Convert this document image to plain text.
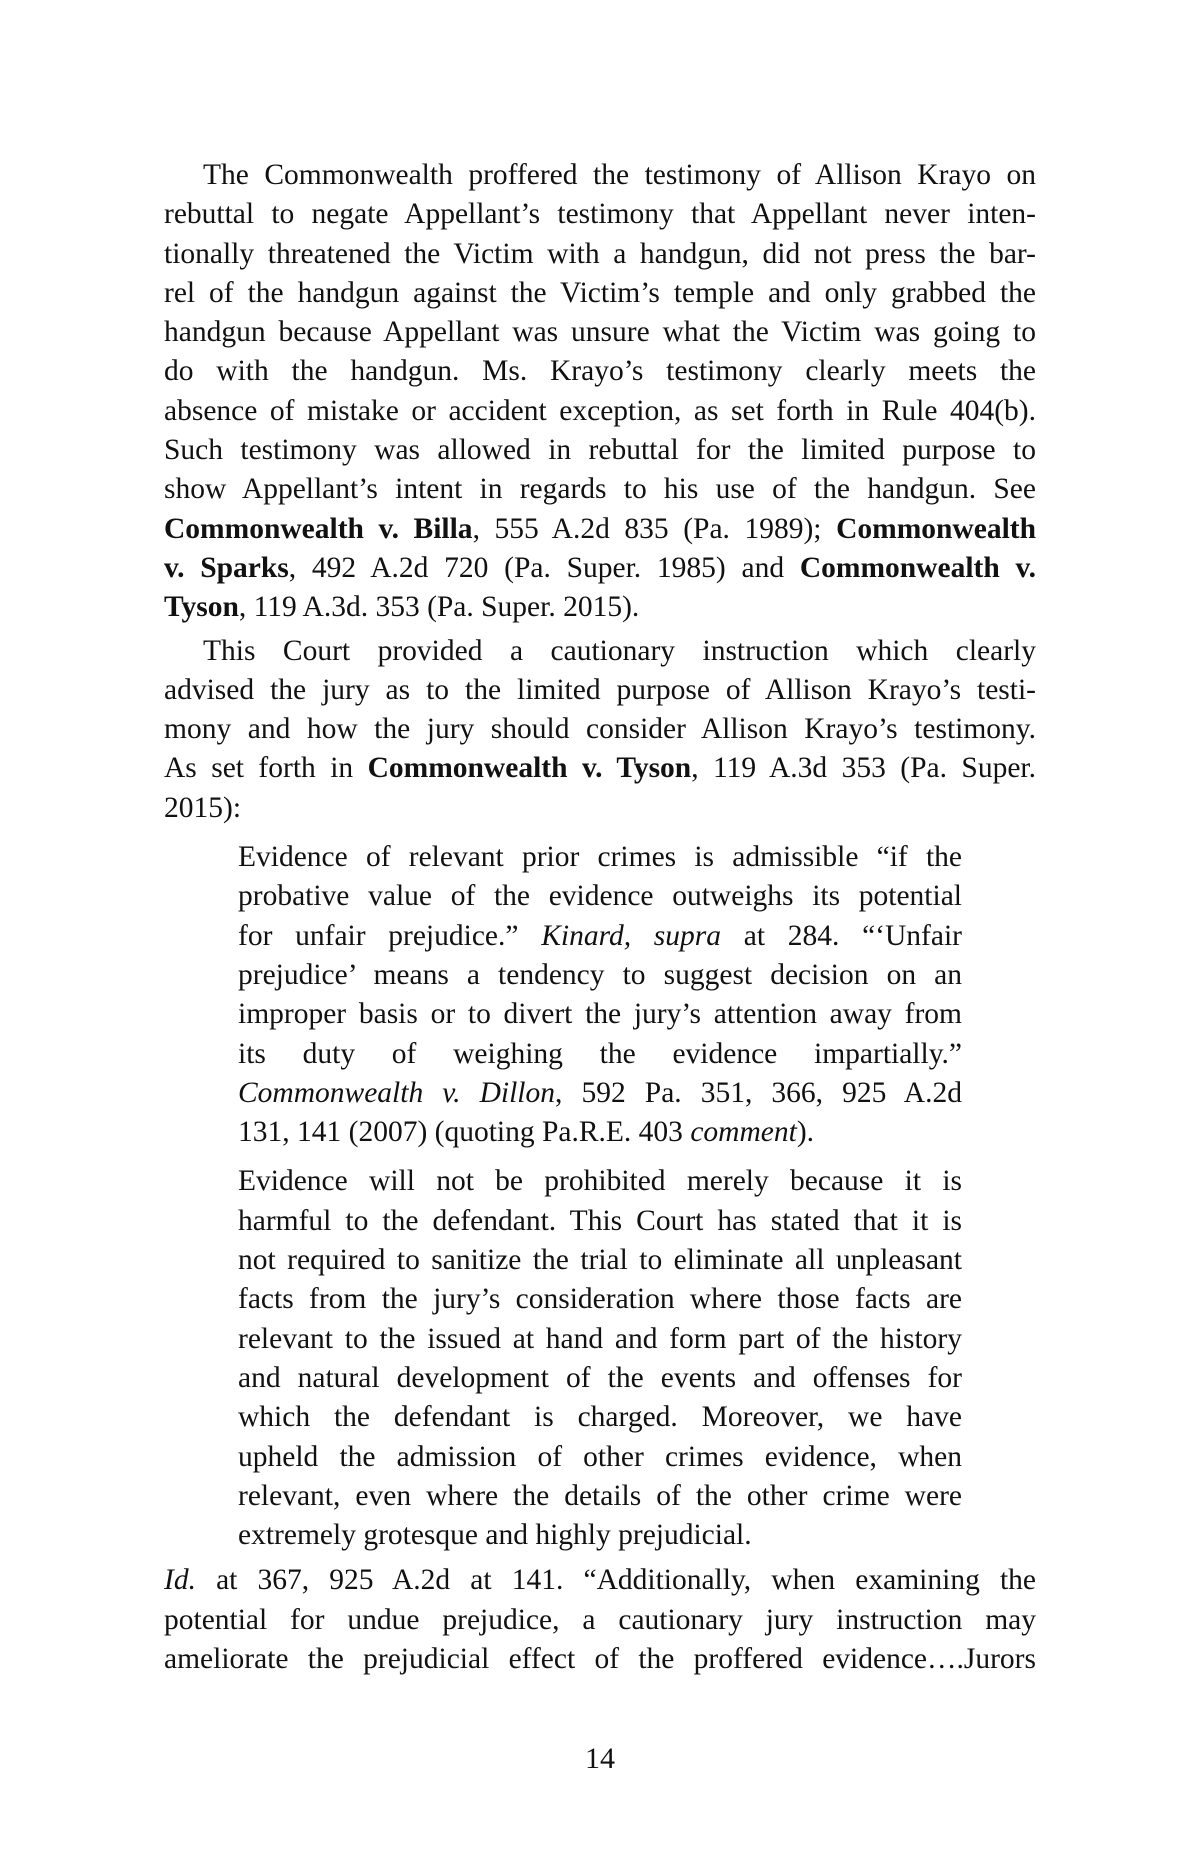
The Commonwealth proffered the testimony of Allison Krayo on
rebuttal to negate Appellant’s testimony that Appellant never inten-
tionally threatened the Victim with a handgun, did not press the bar-
rel of the handgun against the Victim’s temple and only grabbed the
handgun because Appellant was unsure what the Victim was going to
do with the handgun. Ms. Krayo’s testimony clearly meets the
absence of mistake or accident exception, as set forth in Rule 404(b).
Such testimony was allowed in rebuttal for the limited purpose to
show Appellant’s intent in regards to his use of the handgun. See
Commonwealth v. Billa, 555 A.2d 835 (Pa. 1989); Commonwealth
v. Sparks, 492 A.2d 720 (Pa. Super. 1985) and Commonwealth v.
Tyson, 119 A.3d. 353 (Pa. Super. 2015).
This Court provided a cautionary instruction which clearly
advised the jury as to the limited purpose of Allison Krayo’s testi-
mony and how the jury should consider Allison Krayo’s testimony.
As set forth in Commonwealth v. Tyson, 119 A.3d 353 (Pa. Super.
2015):
Evidence of relevant prior crimes is admissible “if the
probative value of the evidence outweighs its potential
for unfair prejudice.” Kinard, supra at 284. “‘Unfair
prejudice’ means a tendency to suggest decision on an
improper basis or to divert the jury’s attention away from
its duty of weighing the evidence impartially.”
Commonwealth v. Dillon, 592 Pa. 351, 366, 925 A.2d
131, 141 (2007) (quoting Pa.R.E. 403 comment).
Evidence will not be prohibited merely because it is
harmful to the defendant. This Court has stated that it is
not required to sanitize the trial to eliminate all unpleasant
facts from the jury’s consideration where those facts are
relevant to the issued at hand and form part of the history
and natural development of the events and offenses for
which the defendant is charged. Moreover, we have
upheld the admission of other crimes evidence, when
relevant, even where the details of the other crime were
extremely grotesque and highly prejudicial.
Id. at 367, 925 A.2d at 141. “Additionally, when examining the
potential for undue prejudice, a cautionary jury instruction may
ameliorate the prejudicial effect of the proffered evidence….Jurors
14
